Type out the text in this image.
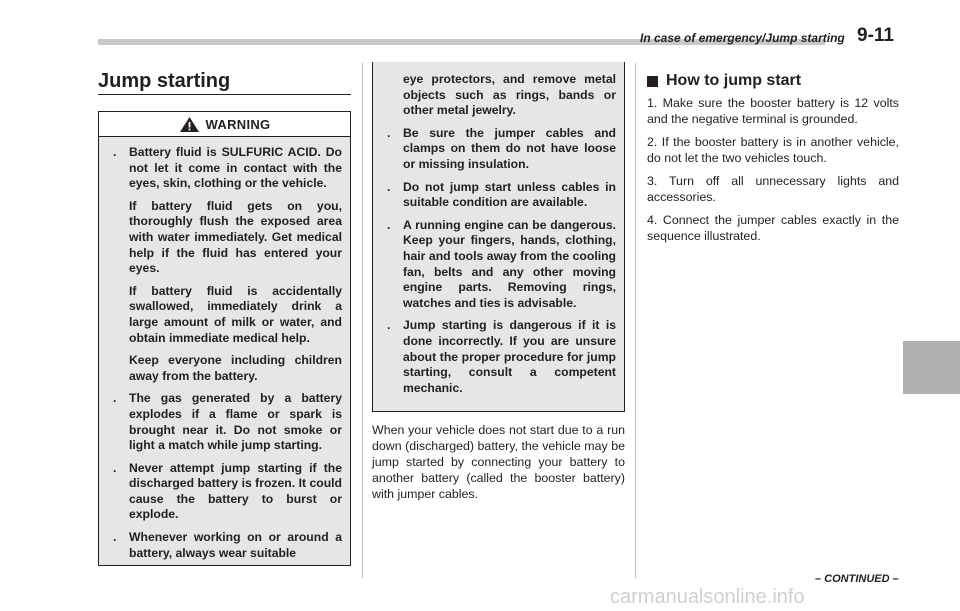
In case of emergency/Jump starting 9-11
Jump starting
WARNING
. Battery fluid is SULFURIC ACID. Do not let it come in contact with the eyes, skin, clothing or the vehicle.
If battery fluid gets on you, thoroughly flush the exposed area with water immediately. Get medical help if the fluid has entered your eyes.
If battery fluid is accidentally swallowed, immediately drink a large amount of milk or water, and obtain immediate medical help.
Keep everyone including children away from the battery.
. The gas generated by a battery explodes if a flame or spark is brought near it. Do not smoke or light a match while jump starting.
. Never attempt jump starting if the discharged battery is frozen. It could cause the battery to burst or explode.
. Whenever working on or around a battery, always wear suitable
eye protectors, and remove metal objects such as rings, bands or other metal jewelry.
. Be sure the jumper cables and clamps on them do not have loose or missing insulation.
. Do not jump start unless cables in suitable condition are available.
. A running engine can be dangerous. Keep your fingers, hands, clothing, hair and tools away from the cooling fan, belts and any other moving engine parts. Removing rings, watches and ties is advisable.
. Jump starting is dangerous if it is done incorrectly. If you are unsure about the proper procedure for jump starting, consult a competent mechanic.
When your vehicle does not start due to a run down (discharged) battery, the vehicle may be jump started by connecting your battery to another battery (called the booster battery) with jumper cables.
How to jump start
1. Make sure the booster battery is 12 volts and the negative terminal is grounded.
2. If the booster battery is in another vehicle, do not let the two vehicles touch.
3. Turn off all unnecessary lights and accessories.
4. Connect the jumper cables exactly in the sequence illustrated.
– CONTINUED –
carmanualsonline.info
